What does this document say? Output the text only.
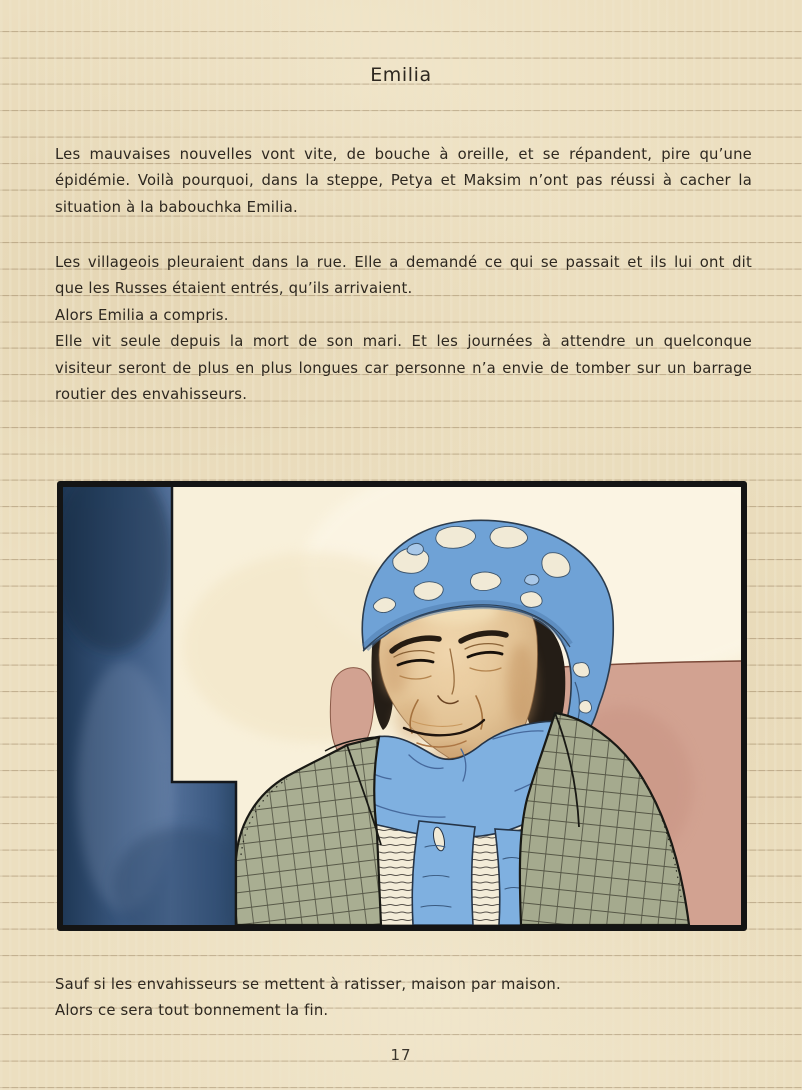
Emilia
Les mauvaises nouvelles vont vite, de bouche à oreille, et se répandent, pire qu’une
épidémie. Voilà pourquoi, dans la steppe, Petya et Maksim n’ont pas réussi à cacher la
situation à la babouchka Emilia.
Les villageois pleuraient dans la rue. Elle a demandé ce qui se passait et ils lui ont dit
que les Russes étaient entrés, qu’ils arrivaient.
Alors Emilia a compris.
Elle vit seule depuis la mort de son mari. Et les journées à attendre un quelconque
visiteur seront de plus en plus longues car personne n’a envie de tomber sur un barrage
routier des envahisseurs.
Sauf si les envahisseurs se mettent à ratisser, maison par maison.
Alors ce sera tout bonnement la fin.
17
